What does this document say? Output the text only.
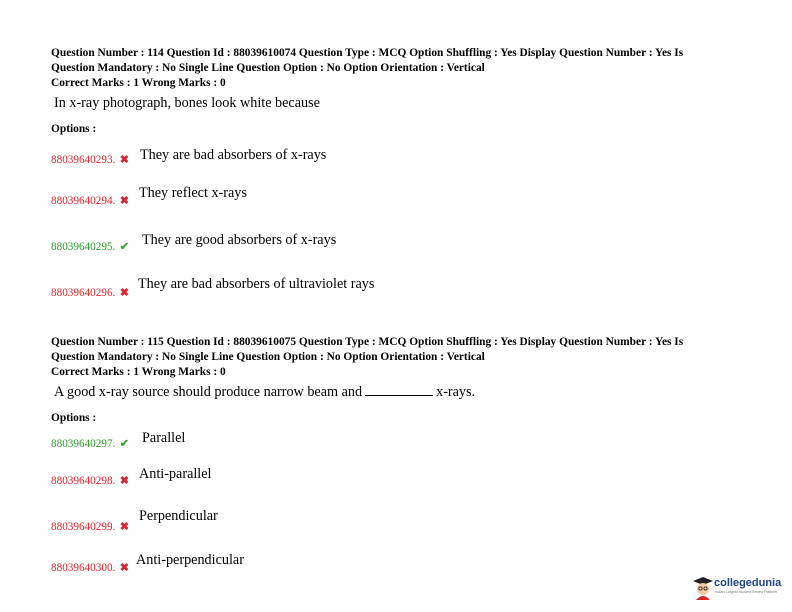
Question Number : 114 Question Id : 88039610074 Question Type : MCQ Option Shuffling : Yes Display Question Number : Yes Is

Question Mandatory : No Single Line Question Option : No Option Orientation : Vertical

Correct Marks : 1 Wrong Marks : 0

In x-ray photograph, bones look white because
Options :
88039640293. ✖ They are bad absorbers of x-rays
88039640294. ✖ They reflect x-rays
88039640295. ✔ They are good absorbers of x-rays
88039640296. ✖
They are bad absorbers of ultraviolet rays

Question Number : 115 Question Id : 88039610075 Question Type : MCQ Option Shuffling : Yes Display Question Number : Yes Is

Question Mandatory : No Single Line Question Option : No Option Orientation : Vertical

Correct Marks : 1 Wrong Marks : 0

A good x-ray source should produce narrow beam and	x-rays.
Options :
88039640297. ✔ Parallel
88039640298. ✖ Anti-parallel
88039640299. ✖
Perpendicular
88039640300. ✖ Anti-perpendicular
collegedunia
India's Largest Student Review Platform
